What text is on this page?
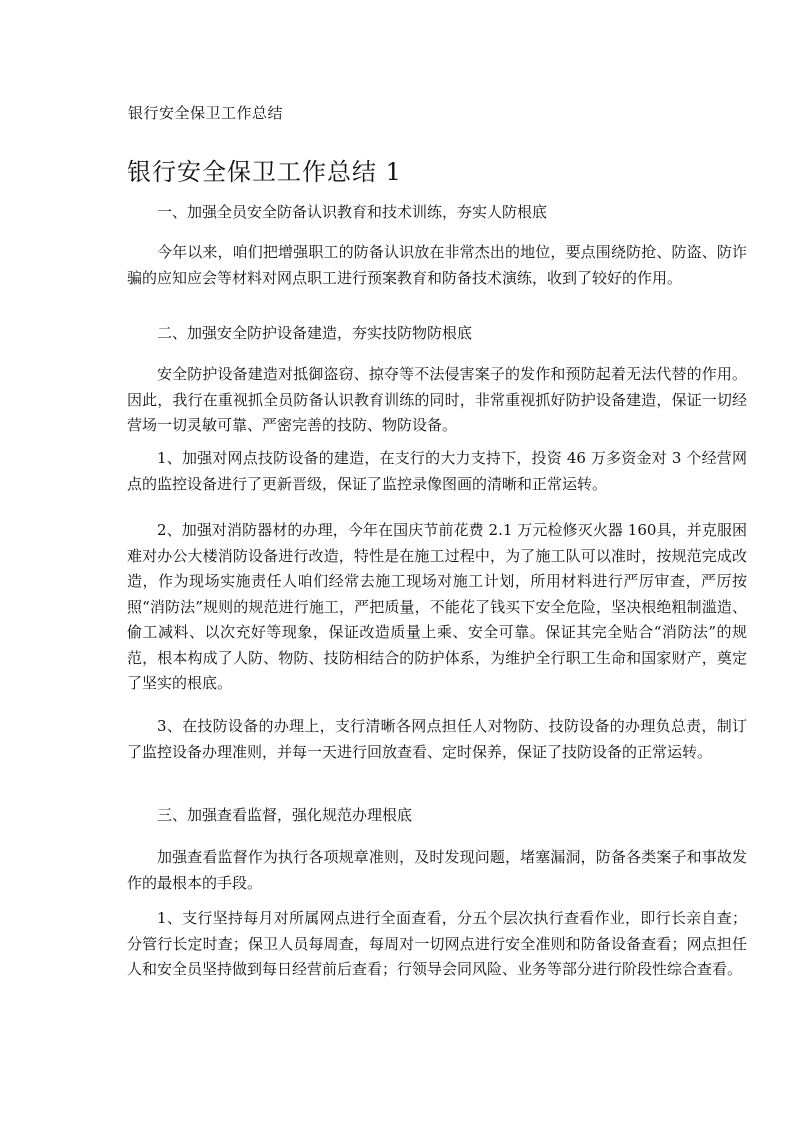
银行安全保卫工作总结
银行安全保卫工作总结 1
一、加强全员安全防备认识教育和技术训练，夯实人防根底
今年以来，咱们把增强职工的防备认识放在非常杰出的地位，要点围绕防抢、防盗、防诈骗的应知应会等材料对网点职工进行预案教育和防备技术演练，收到了较好的作用。
二、加强安全防护设备建造，夯实技防物防根底
安全防护设备建造对抵御盗窃、掠夺等不法侵害案子的发作和预防起着无法代替的作用。因此，我行在重视抓全员防备认识教育训练的同时，非常重视抓好防护设备建造，保证一切经营场一切灵敏可靠、严密完善的技防、物防设备。
1、加强对网点技防设备的建造，在支行的大力支持下，投资 46 万多资金对 3 个经营网点的监控设备进行了更新晋级，保证了监控录像图画的清晰和正常运转。
2、加强对消防器材的办理，今年在国庆节前花费 2.1 万元检修灭火器 160具，并克服困难对办公大楼消防设备进行改造，特性是在施工过程中，为了施工队可以准时，按规范完成改造，作为现场实施责任人咱们经常去施工现场对施工计划，所用材料进行严厉审查，严厉按照“消防法”规则的规范进行施工，严把质量，不能花了钱买下安全危险，坚决根绝粗制滥造、偷工减料、以次充好等现象，保证改造质量上乘、安全可靠。保证其完全贴合“消防法”的规范，根本构成了人防、物防、技防相结合的防护体系，为维护全行职工生命和国家财产，奠定了坚实的根底。
3、在技防设备的办理上，支行清晰各网点担任人对物防、技防设备的办理负总责，制订了监控设备办理准则，并每一天进行回放查看、定时保养，保证了技防设备的正常运转。
三、加强查看监督，强化规范办理根底
加强查看监督作为执行各项规章准则，及时发现问题，堵塞漏洞，防备各类案子和事故发作的最根本的手段。
1、支行坚持每月对所属网点进行全面查看，分五个层次执行查看作业，即行长亲自查；分管行长定时查；保卫人员每周查，每周对一切网点进行安全准则和防备设备查看；网点担任人和安全员坚持做到每日经营前后查看；行领导会同风险、业务等部分进行阶段性综合查看。
